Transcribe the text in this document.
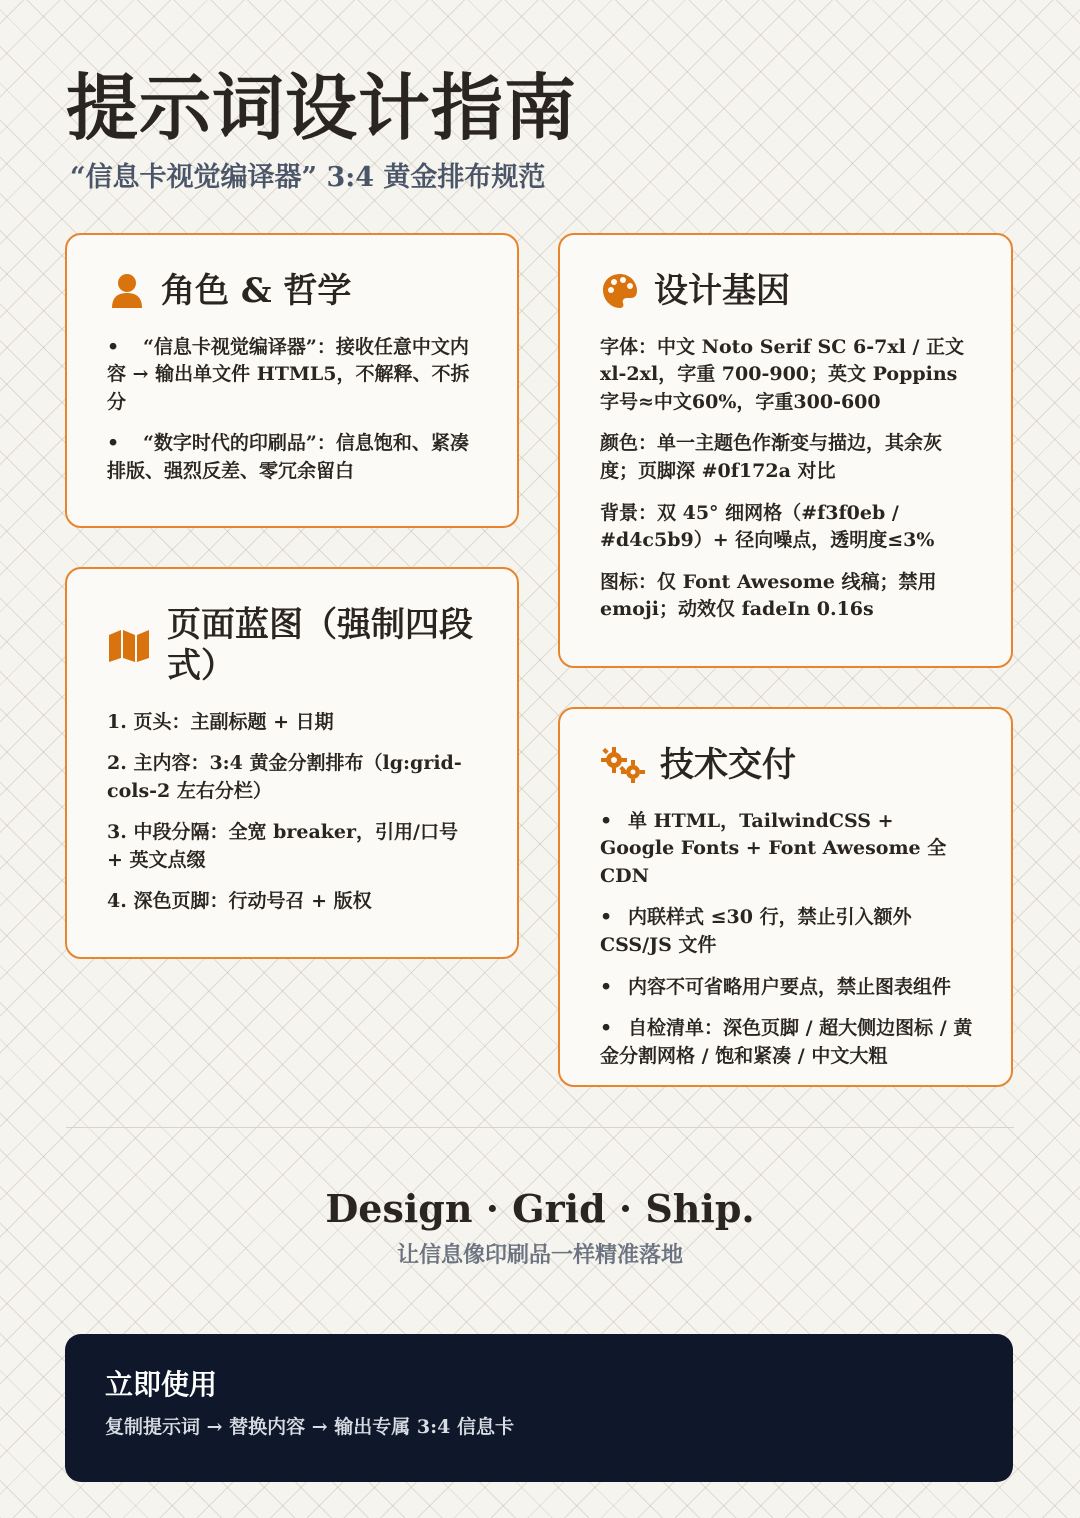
提示词设计指南
“信息卡视觉编译器” 3:4 黄金排布规范
角色 & 哲学
• “信息卡视觉编译器”：接收任意中文内容 → 输出单文件 HTML5，不解释、不拆分
• “数字时代的印刷品”：信息饱和、紧凑排版、强烈反差、零冗余留白
页面蓝图（强制四段式）

1. 页头：主副标题 + 日期

2. 主内容：3:4 黄金分割排布（lg:grid-cols-2 左右分栏）

3. 中段分隔：全宽 breaker，引用/口号 + 英文点缀

4. 深色页脚：行动号召 + 版权

设计基因

字体：中文 Noto Serif SC 6-7xl / 正文 xl-2xl，字重 700-900；英文 Poppins 字号≈中文60%，字重300-600

颜色：单一主题色作渐变与描边，其余灰度；页脚深 #0f172a 对比

背景：双 45° 细网格（#f3f0eb / #d4c5b9）+ 径向噪点，透明度≤3%

图标：仅 Font Awesome 线稿；禁用 emoji；动效仅 fadeIn 0.16s

技术交付
• 单 HTML，TailwindCSS + Google Fonts + Font Awesome 全 CDN
• 内联样式 ≤30 行，禁止引入额外 CSS/JS 文件
• 内容不可省略用户要点，禁止图表组件
• 自检清单：深色页脚 / 超大侧边图标 / 黄金分割网格 / 饱和紧凑 / 中文大粗
Design · Grid · Ship.
让信息像印刷品一样精准落地
立即使用
复制提示词 → 替换内容 → 输出专属 3:4 信息卡
